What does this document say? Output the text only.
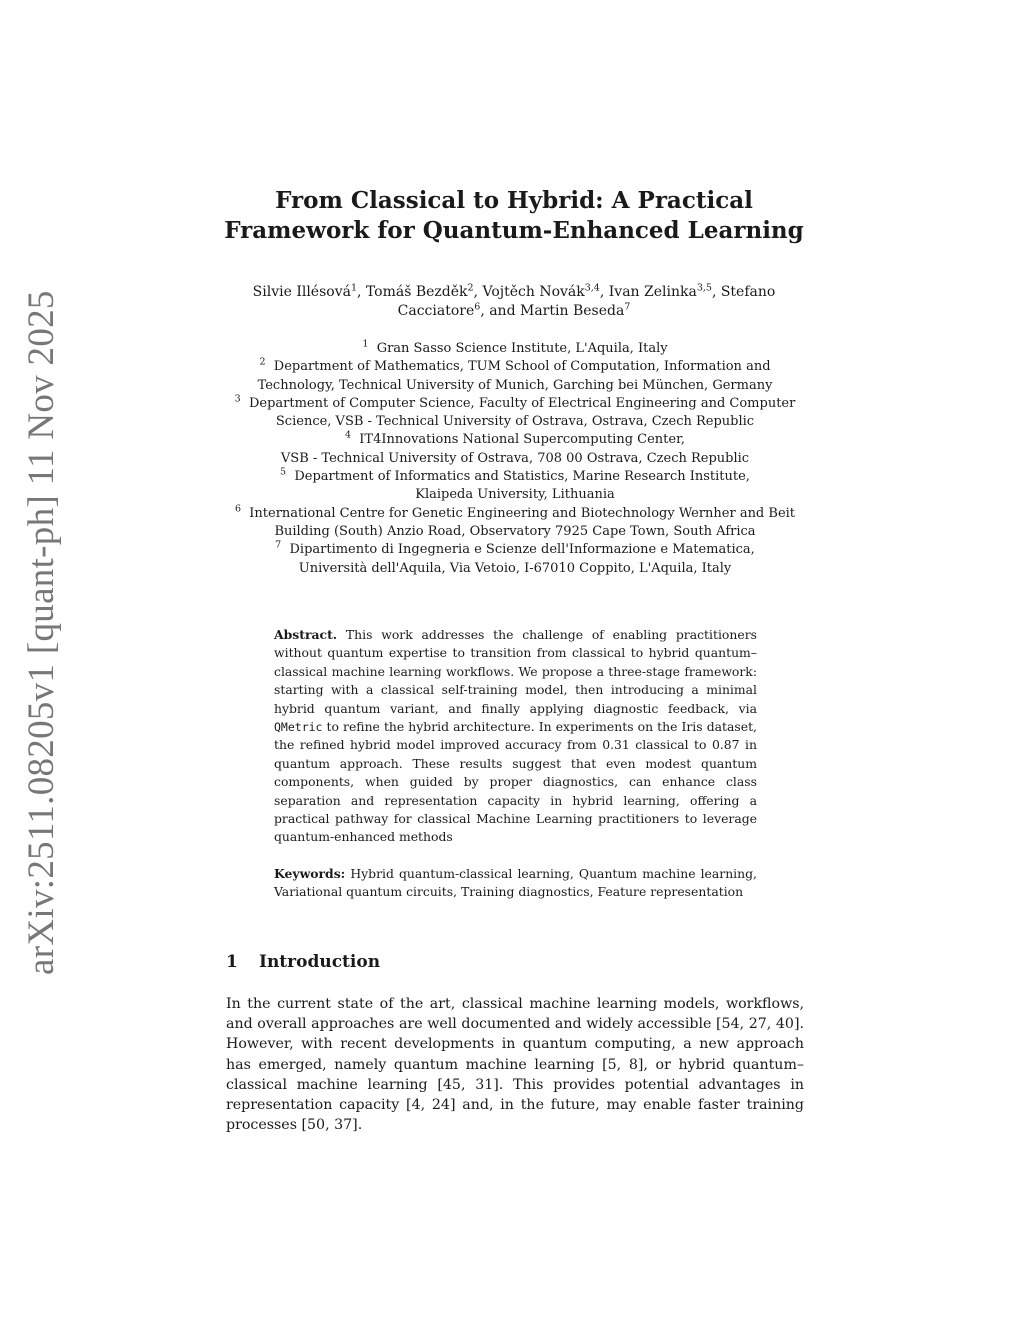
arXiv:2511.08205v1 [quant-ph] 11 Nov 2025
From Classical to Hybrid: A Practical
Framework for Quantum-Enhanced Learning
Silvie Illésová$^1$, Tomáš Bezděk$^2$, Vojtěch Novák$^{3,4}$, Ivan Zelinka$^{3,5}$, Stefano
Cacciatore$^6$, and Martin Beseda$^7$
$^1$ Gran Sasso Science Institute, L'Aquila, Italy
$^2$ Department of Mathematics, TUM School of Computation, Information and
Technology, Technical University of Munich, Garching bei München, Germany
$^3$ Department of Computer Science, Faculty of Electrical Engineering and Computer
Science, VSB - Technical University of Ostrava, Ostrava, Czech Republic
$^4$ IT4Innovations National Supercomputing Center,
VSB - Technical University of Ostrava, 708 00 Ostrava, Czech Republic
$^5$ Department of Informatics and Statistics, Marine Research Institute,
Klaipeda University, Lithuania
$^6$ International Centre for Genetic Engineering and Biotechnology Wernher and Beit
Building (South) Anzio Road, Observatory 7925 Cape Town, South Africa
$^7$ Dipartimento di Ingegneria e Scienze dell'Informazione e Matematica,
Università dell'Aquila, Via Vetoio, I-67010 Coppito, L'Aquila, Italy
Abstract. This work addresses the challenge of enabling practitioners without quantum expertise to transition from classical to hybrid quantum–classical machine learning workflows. We propose a three-stage framework: starting with a classical self-training model, then introducing a minimal hybrid quantum variant, and finally applying diagnostic feedback, via QMetric to refine the hybrid architecture. In experiments on the Iris dataset, the refined hybrid model improved accuracy from 0.31 classical to 0.87 in quantum approach. These results suggest that even modest quantum components, when guided by proper diagnostics, can enhance class separation and representation capacity in hybrid learning, offering a practical pathway for classical Machine Learning practitioners to leverage quantum-enhanced methods
Keywords: Hybrid quantum-classical learning, Quantum machine learning, Variational quantum circuits, Training diagnostics, Feature representation
1 Introduction

In the current state of the art, classical machine learning models, workflows, and overall approaches are well documented and widely accessible [54, 27, 40]. However, with recent developments in quantum computing, a new approach has emerged, namely quantum machine learning [5, 8], or hybrid quantum–classical machine learning [45, 31]. This provides potential advantages in representation capacity [4, 24] and, in the future, may enable faster training processes [50, 37].
